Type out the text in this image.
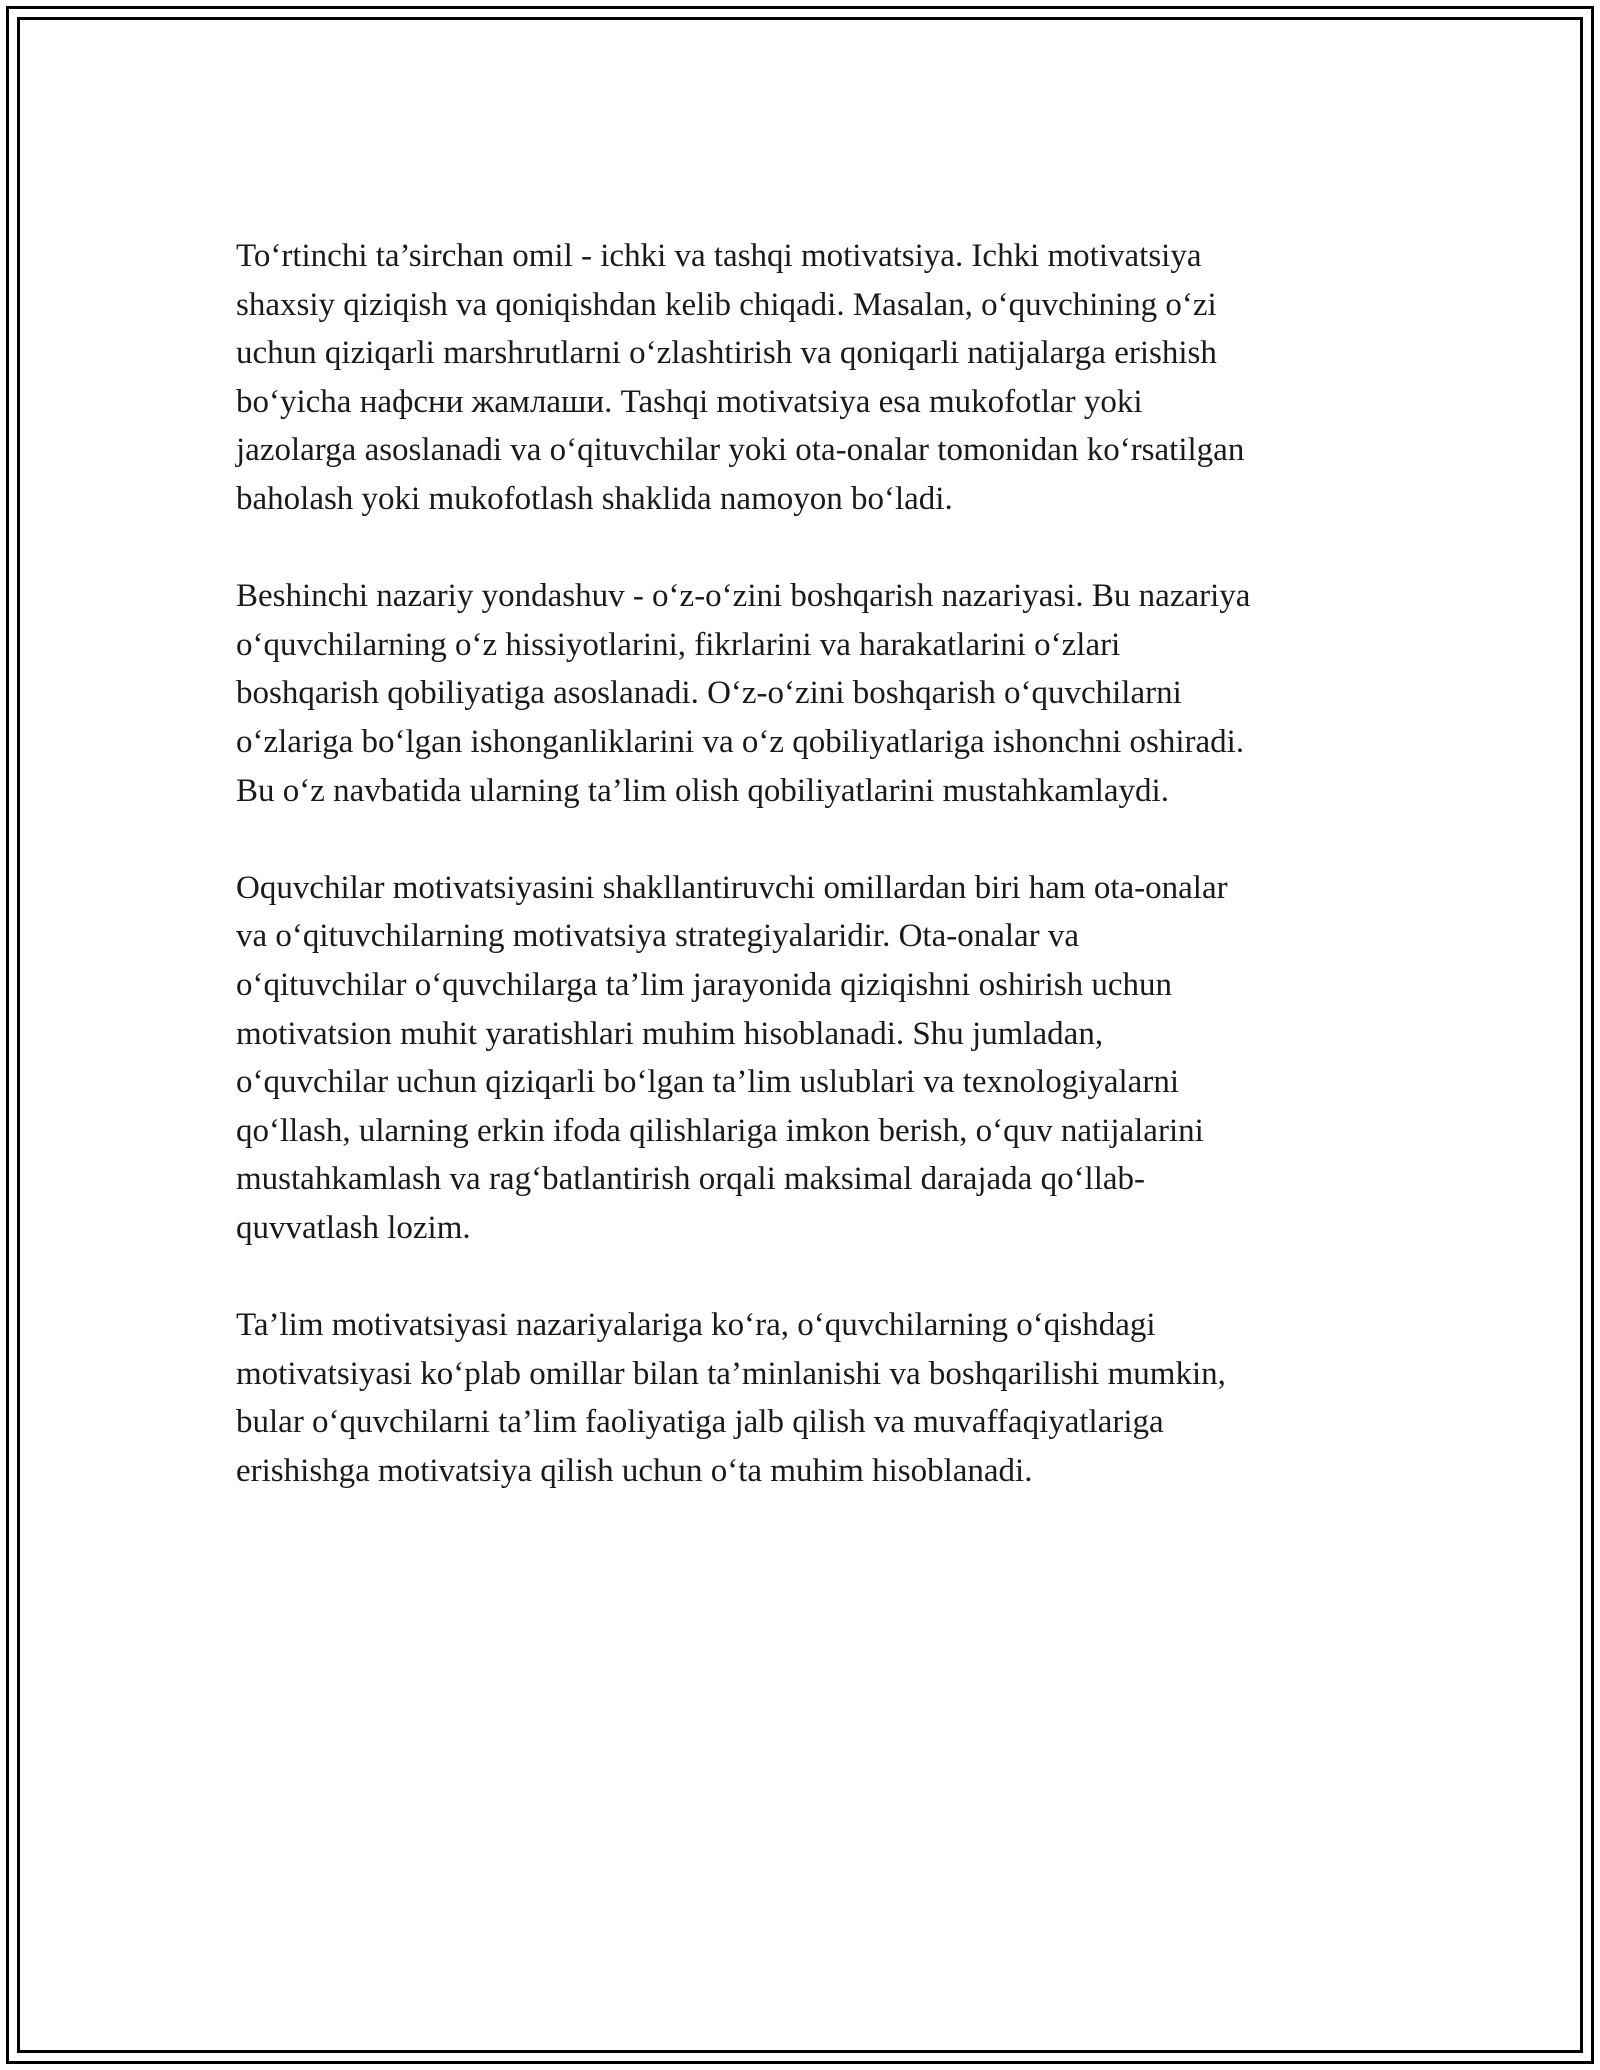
To‘rtinchi ta’sirchan omil - ichki va tashqi motivatsiya. Ichki motivatsiya
shaxsiy qiziqish va qoniqishdan kelib chiqadi. Masalan, o‘quvchining o‘zi
uchun qiziqarli marshrutlarni o‘zlashtirish va qoniqarli natijalarga erishish
bo‘yicha нафсни жамлаши. Tashqi motivatsiya esa mukofotlar yoki
jazolarga asoslanadi va o‘qituvchilar yoki ota-onalar tomonidan ko‘rsatilgan
baholash yoki mukofotlash shaklida namoyon bo‘ladi.

Beshinchi nazariy yondashuv - o‘z-o‘zini boshqarish nazariyasi. Bu nazariya
o‘quvchilarning o‘z hissiyotlarini, fikrlarini va harakatlarini o‘zlari
boshqarish qobiliyatiga asoslanadi. O‘z-o‘zini boshqarish o‘quvchilarni
o‘zlariga bo‘lgan ishonganliklarini va o‘z qobiliyatlariga ishonchni oshiradi.
Bu o‘z navbatida ularning ta’lim olish qobiliyatlarini mustahkamlaydi.

Oquvchilar motivatsiyasini shakllantiruvchi omillardan biri ham ota-onalar
va o‘qituvchilarning motivatsiya strategiyalaridir. Ota-onalar va
o‘qituvchilar o‘quvchilarga ta’lim jarayonida qiziqishni oshirish uchun
motivatsion muhit yaratishlari muhim hisoblanadi. Shu jumladan,
o‘quvchilar uchun qiziqarli bo‘lgan ta’lim uslublari va texnologiyalarni
qo‘llash, ularning erkin ifoda qilishlariga imkon berish, o‘quv natijalarini
mustahkamlash va rag‘batlantirish orqali maksimal darajada qo‘llab-
quvvatlash lozim.

Ta’lim motivatsiyasi nazariyalariga ko‘ra, o‘quvchilarning o‘qishdagi
motivatsiyasi ko‘plab omillar bilan ta’minlanishi va boshqarilishi mumkin,
bular o‘quvchilarni ta’lim faoliyatiga jalb qilish va muvaffaqiyatlariga
erishishga motivatsiya qilish uchun o‘ta muhim hisoblanadi.
